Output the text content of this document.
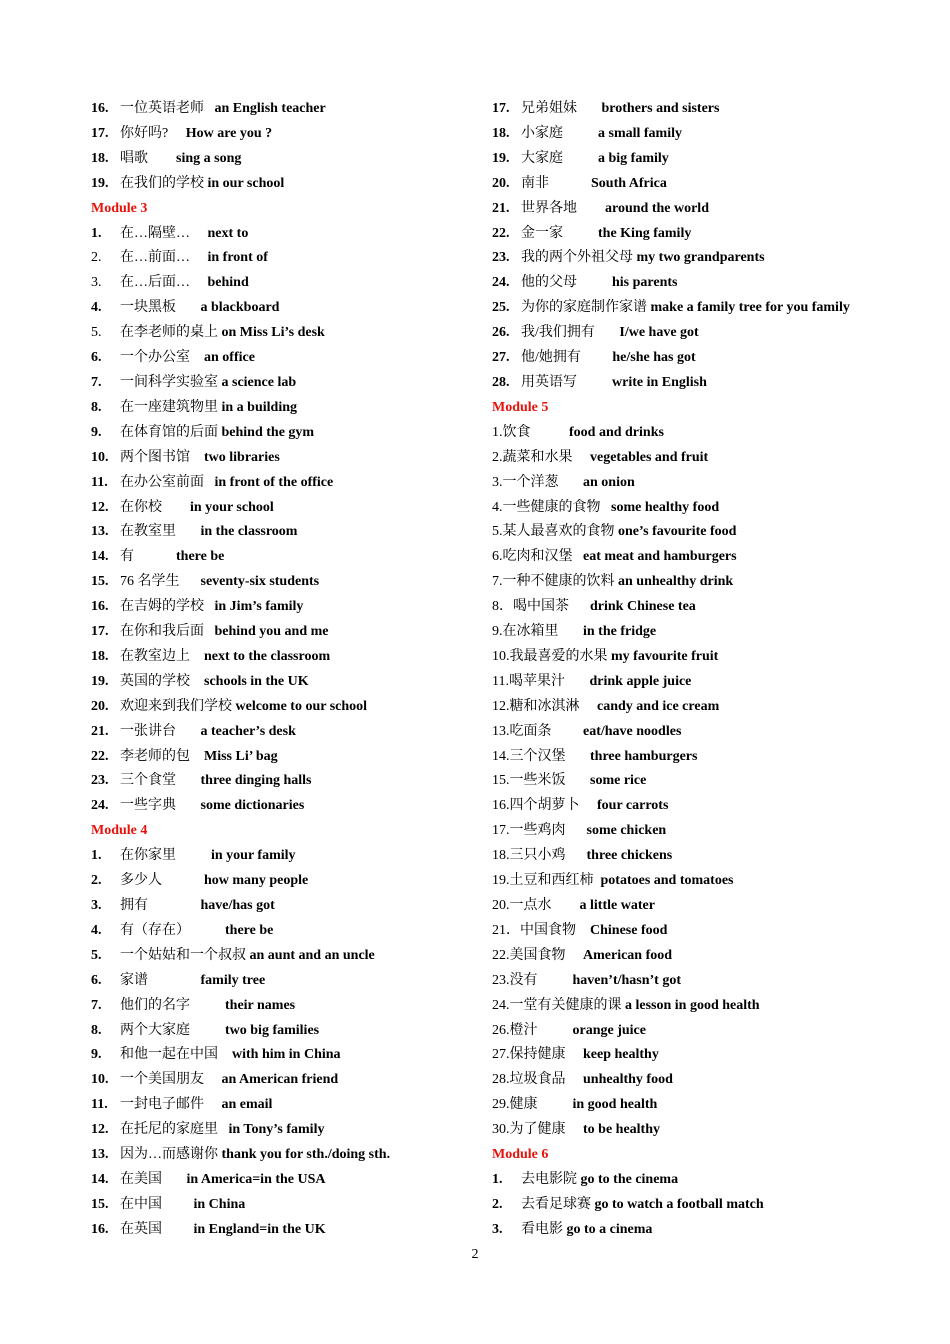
16. 一位英语老师 an English teacher
17. 你好吗? How are you ?
18. 唱歌 sing a song
19. 在我们的学校 in our school
Module 3
1. 在…隔壁… next to
2. 在…前面… in front of
3. 在…后面… behind
4. 一块黑板 a blackboard
5. 在李老师的桌上 on Miss Li’s desk
6. 一个办公室 an office
7. 一间科学实验室 a science lab
8. 在一座建筑物里 in a building
9. 在体育馆的后面 behind the gym
10. 两个图书馆 two libraries
11. 在办公室前面 in front of the office
12. 在你校 in your school
13. 在教室里 in the classroom
14. 有	there be
15. 76 名学生 seventy-six students
16. 在吉姆的学校 in Jim’s family
17. 在你和我后面 behind you and me
18. 在教室边上 next to the classroom
19. 英国的学校 schools in the UK
20. 欢迎来到我们学校 welcome to our school
21. 一张讲台 a teacher’s desk
22. 李老师的包 Miss Li’ bag
23. 三个食堂 three dinging halls
24. 一些字典 some dictionaries
Module 4
1. 在你家里	in your family
2. 多少人	how many people
3. 拥有	have/has got
4. 有（存在）	there be
5. 一个姑姑和一个叔叔 an aunt and an uncle
6. 家谱	family tree
7. 他们的名字	their names
8. 两个大家庭	two big families
9. 和他一起在中国 with him in China
10. 一个美国朋友 an American friend
11. 一封电子邮件 an email
12. 在托尼的家庭里 in Tony’s family
13. 因为…而感谢你 thank you for sth./doing sth.
14. 在美国 in America=in the USA
15. 在中国 in China
16. 在英国 in England=in the UK
17. 兄弟姐妹 brothers and sisters
18. 小家庭	a small family
19. 大家庭	a big family
20. 南非	South Africa
21. 世界各地 around the world
22. 金一家	the King family
23. 我的两个外祖父母 my two grandparents
24. 他的父母	his parents
25. 为你的家庭制作家谱 make a family tree for you family
26. 我/我们拥有 I/we have got
27. 他/她拥有 he/she has got
28. 用英语写	write in English
Module 5
1.饮食	food and drinks
2.蔬菜和水果 vegetables and fruit
3.一个洋葱 an onion
4.一些健康的食物 some healthy food
5.某人最喜欢的食物 one’s favourite food
6.吃肉和汉堡 eat meat and hamburgers
7.一种不健康的饮料 an unhealthy drink
8．喝中国茶 drink Chinese tea
9.在冰箱里 in the fridge
10.我最喜爱的水果 my favourite fruit
11.喝苹果汁 drink apple juice
12.糖和冰淇淋 candy and ice cream
13.吃面条 eat/have noodles
14.三个汉堡 three hamburgers
15.一些米饭 some rice
16.四个胡萝卜 four carrots
17.一些鸡肉 some chicken
18.三只小鸡 three chickens
19.土豆和西红柿 potatoes and tomatoes
20.一点水 a little water
21．中国食物 Chinese food
22.美国食物 American food
23.没有	haven’t/hasn’t got
24.一堂有关健康的课 a lesson in good health
26.橙汁	orange juice
27.保持健康 keep healthy
28.垃圾食品 unhealthy food
29.健康	in good health
30.为了健康 to be healthy
Module 6
1. 去电影院 go to the cinema
2. 去看足球赛 go to watch a football match
3. 看电影 go to a cinema
2
